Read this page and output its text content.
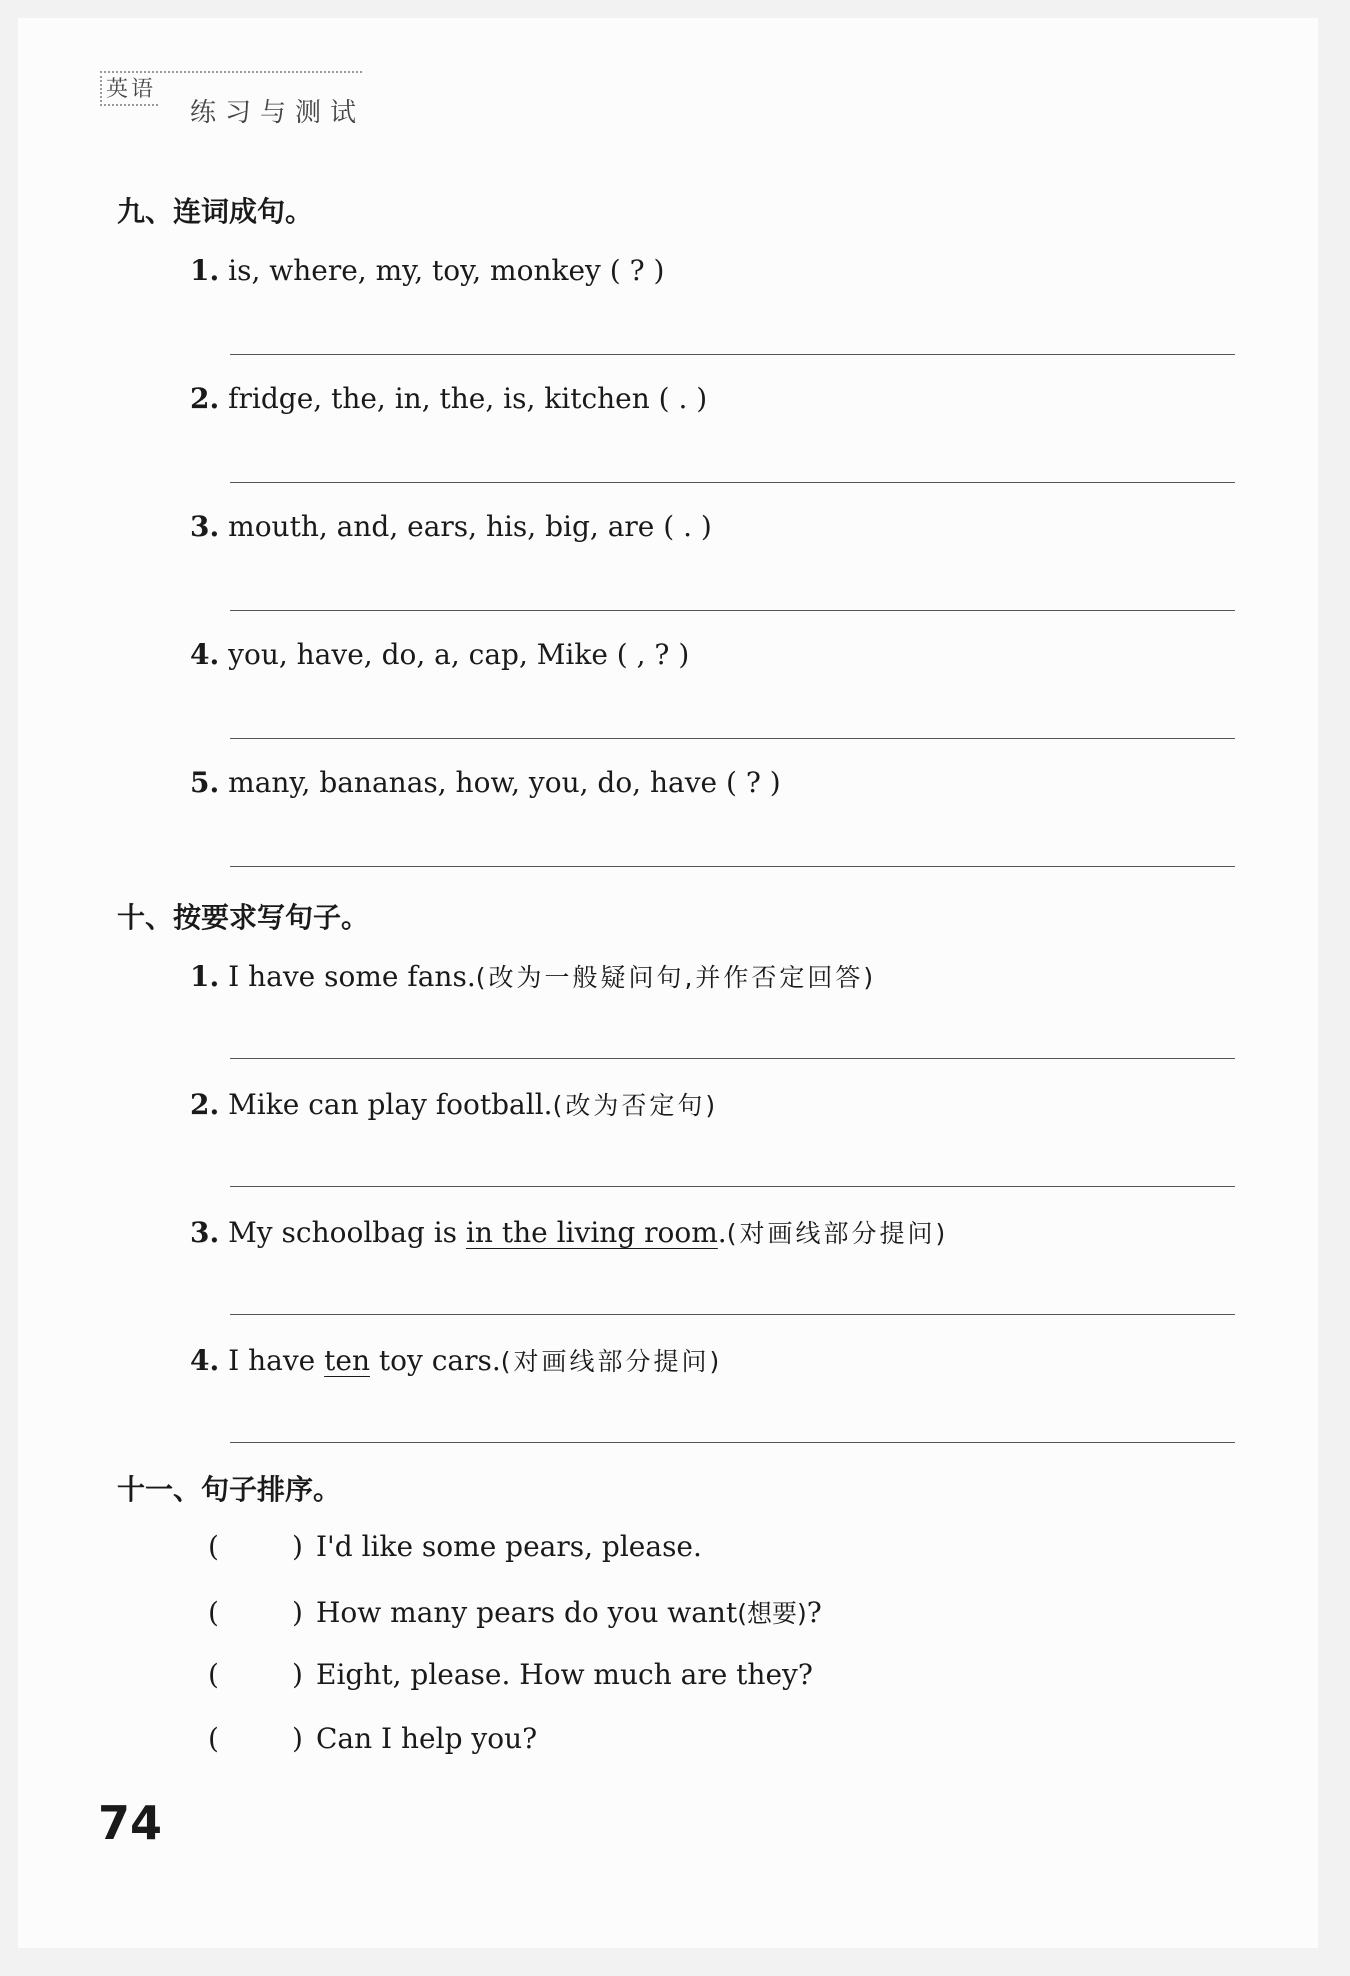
英语
练习与测试
九、连词成句。
1. is, where, my, toy, monkey ( ? )
2. fridge, the, in, the, is, kitchen ( . )
3. mouth, and, ears, his, big, are ( . )
4. you, have, do, a, cap, Mike ( , ? )
5. many, bananas, how, you, do, have ( ? )
十、按要求写句子。
1. I have some fans.(改为一般疑问句,并作否定回答)
2. Mike can play football.(改为否定句)
3. My schoolbag is in the living room.(对画线部分提问)
4. I have ten toy cars.(对画线部分提问)
十一、句子排序。
(	) I'd like some pears, please.
(	) How many pears do you want(想要)?
(	) Eight, please. How much are they?
(	) Can I help you?
74
